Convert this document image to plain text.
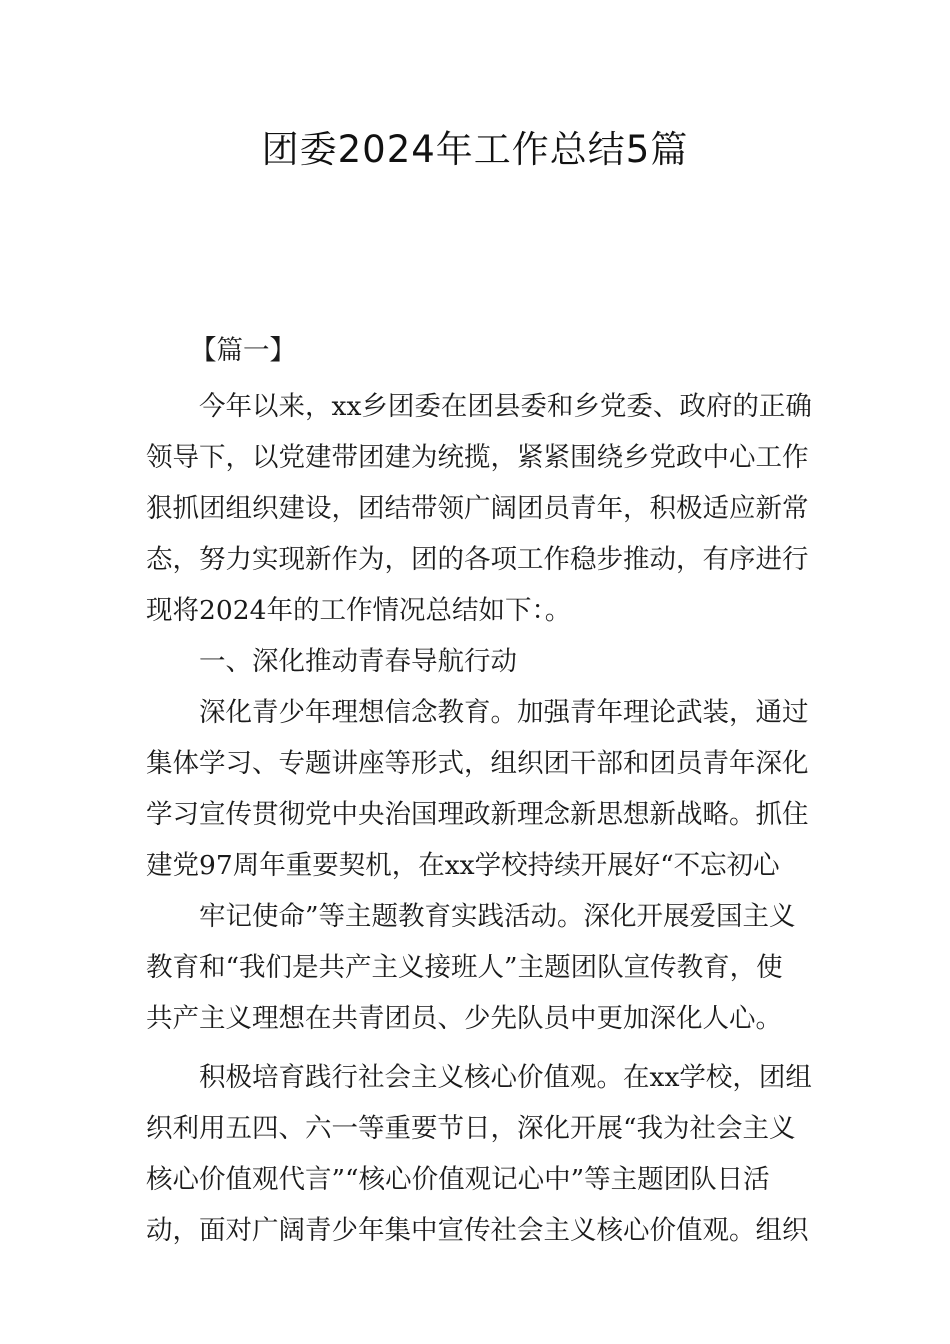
团委2024年工作总结5篇
【篇一】
今年以来，xx乡团委在团县委和乡党委、政府的正确
领导下，以党建带团建为统揽，紧紧围绕乡党政中心工作
狠抓团组织建设，团结带领广阔团员青年，积极适应新常
态，努力实现新作为，团的各项工作稳步推动，有序进行
现将2024年的工作情况总结如下：。
一、深化推动青春导航行动
深化青少年理想信念教育。加强青年理论武装，通过
集体学习、专题讲座等形式，组织团干部和团员青年深化
学习宣传贯彻党中央治国理政新理念新思想新战略。抓住
建党97周年重要契机，在xx学校持续开展好“不忘初心
牢记使命”等主题教育实践活动。深化开展爱国主义
教育和“我们是共产主义接班人”主题团队宣传教育，使
共产主义理想在共青团员、少先队员中更加深化人心。
积极培育践行社会主义核心价值观。在xx学校，团组
织利用五四、六一等重要节日，深化开展“我为社会主义
核心价值观代言”“核心价值观记心中”等主题团队日活
动，面对广阔青少年集中宣传社会主义核心价值观。组织
